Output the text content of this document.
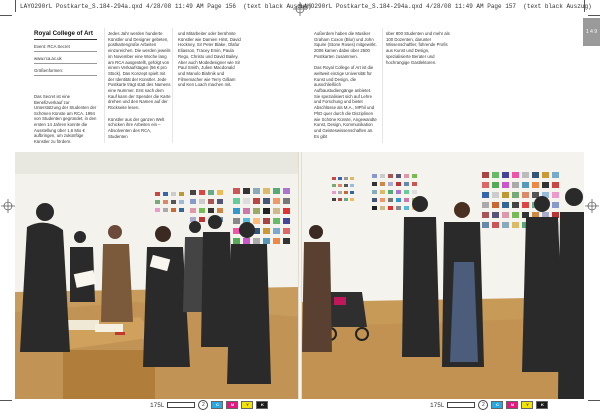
LAYO290rL Postkarte_S.184-294a.qxd 4/28/08 11:49 AM Page 156 (text black Auszug)
LAYO290rL Postkarte_S.184-294a.qxd 4/28/08 11:49 AM Page 157 (text black Auszug)
1 4 9
Royal College of Art
Event: RCA Secret
www.rca.ac.uk
Größenformen:
Das Secret ist eine Benefizverkauf zur Unterstützung der Studenten der Schönen Künste am RCA. 1994 von Studenten gegründet, in den ersten 14 Jahren konnte die Ausstellung über 1,6 Mio € aufbringen, um zukünftige Künstler zu fördern.

Jedes Jahr werden hunderte Künstler und Designer gebeten, postkartengroße Arbeiten einzureichen. Die werden jeweils im November eine Woche lang am RCA ausgestellt, gefolgt von einem Verkaufstagen (56 € pro Stück). Das Konzept spielt mit der Identität der Künstler. Jede Postkarte trägt statt des Namens eine Nummer. Erst nach dem Kauf kann der Spender die Karte drehen und den Namen auf der Rückseite lesen.

Künstler aus der ganzen Welt schicken ihre Arbeiten ein – Absolventen des RCA, Studenten

und Mitarbeiter oder berühmte Künstler wie Damien Hirst, David Hockney, Sir Peter Blake, Olafur Eliasson, Tracey Emin, Paula Rego, Christo und David Bailey. Aber auch Modedesigner wie Sir Paul Smith, Julien Macdonald und Manolo Blahnik und Filmemacher wie Terry Gilliam und Ken Loach machen mit.

Außerdem haben die Musiker Graham Coxon (Blur) und John Squire (Stone Roses) mitgewirkt. 2006 kamen dabei über 2500 Postkarten zusammen.

Das Royal College of Art ist die weltweit einzige Universität für Kunst und Design, die ausschließlich Aufbaustudiengänge anbietet. Sie spezialisiert sich auf Lehre und Forschung und bietet Abschlüsse als M.A., MPhil und PhD quer durch die Disziplinen wie Schöne Künste, Angewandte Kunst, Design, Kommunikation und Geisteswissenschaften an. Es gibt

über 800 Studenten und mehr als 100 Dozenten, darunter Wissenschaftler, führende Profis aus Kunst und Design, spezialisierte Berater und hochrangige Gastlektoren.

175L	2	C	M	Y	K	175L	2	C	M	Y	K
